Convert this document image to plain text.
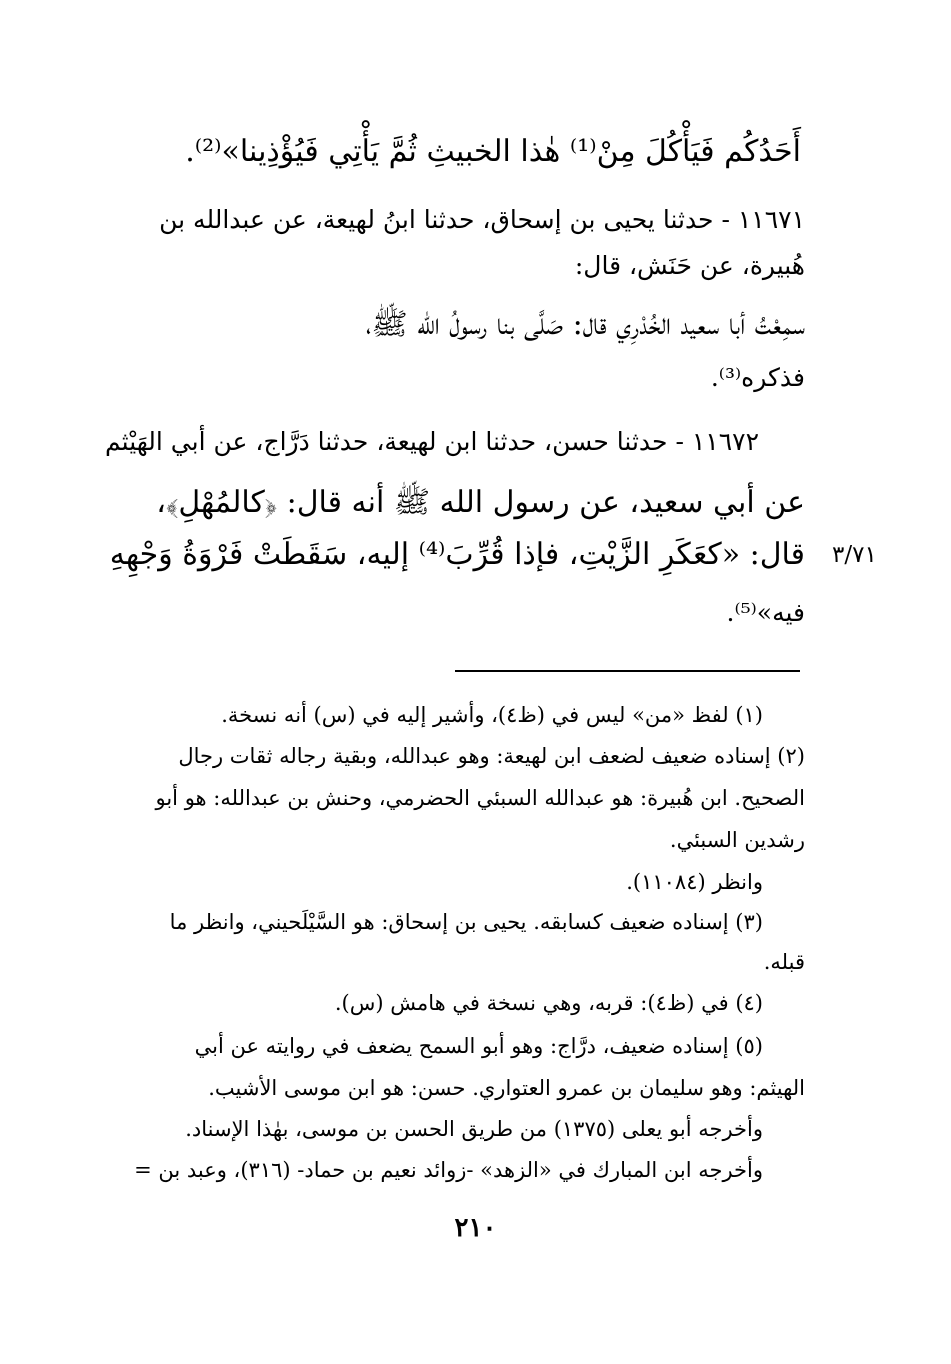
أَحَدُكُم فَيَأْكُلَ مِنْ⁽¹⁾ هٰذا الخبيثِ ثُمَّ يَأْتِي فَيُؤْذِينا»⁽²⁾.
١١٦٧١ - حدثنا يحيى بن إسحاق، حدثنا ابنُ لهيعة، عن عبدالله بن
هُبيرة، عن حَنَش، قال:
سمِعْتُ أبا سعيد الخُدْرِي قال: صَلَّى بنا رسولُ الله ﷺ،
فذكره⁽³⁾.
١١٦٧٢ - حدثنا حسن، حدثنا ابن لهيعة، حدثنا دَرَّاج، عن أبي الهَيْثم
عن أبي سعيد، عن رسول الله ﷺ أنه قال: ﴿كالمُهْلِ﴾،
قال: «كعَكَرِ الزَّيْتِ، فإذا قُرِّبَ⁽⁴⁾ إليه، سَقَطَتْ فَرْوَةُ وَجْهِهِ
فيه»⁽⁵⁾.
٣/٧١
(١) لفظ «من» ليس في (ظ٤)، وأشير إليه في (س) أنه نسخة.
(٢) إسناده ضعيف لضعف ابن لهيعة: وهو عبدالله، وبقية رجاله ثقات رجال
الصحيح. ابن هُبيرة: هو عبدالله السبئي الحضرمي، وحنش بن عبدالله: هو أبو
رشدين السبئي.
وانظر (١١٠٨٤).
(٣) إسناده ضعيف كسابقه. يحيى بن إسحاق: هو السَّيْلَحيني، وانظر ما
قبله.
(٤) في (ظ٤): قربه، وهي نسخة في هامش (س).
(٥) إسناده ضعيف، درَّاج: وهو أبو السمح يضعف في روايته عن أبي
الهيثم: وهو سليمان بن عمرو العتواري. حسن: هو ابن موسى الأشيب.
وأخرجه أبو يعلى (١٣٧٥) من طريق الحسن بن موسى، بهٰذا الإسناد.
وأخرجه ابن المبارك في «الزهد» -زوائد نعيم بن حماد- (٣١٦)، وعبد بن =
٢١٠
